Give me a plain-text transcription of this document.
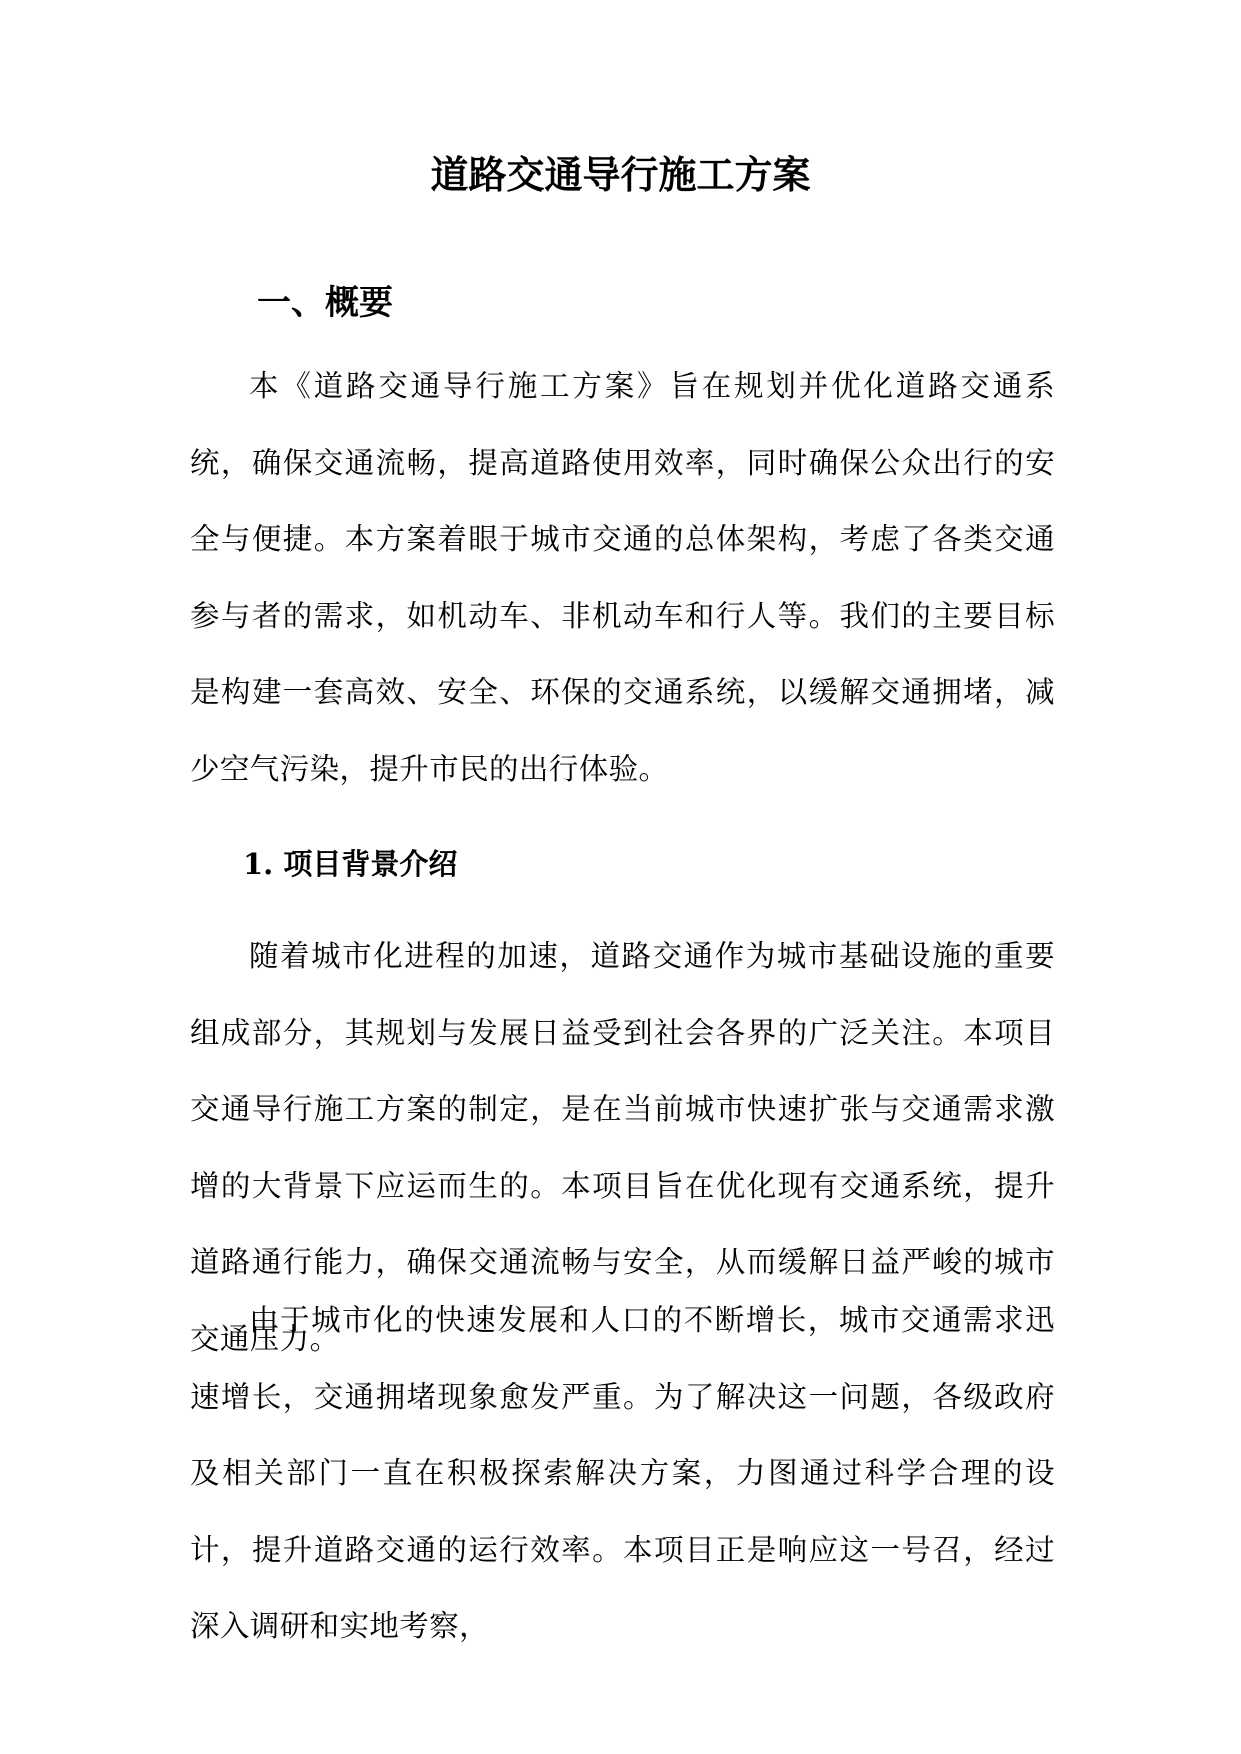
道路交通导行施工方案
一、概要

本《道路交通导行施工方案》旨在规划并优化道路交通系统，确保交通流畅，提高道路使用效率，同时确保公众出行的安全与便捷。本方案着眼于城市交通的总体架构，考虑了各类交通参与者的需求，如机动车、非机动车和行人等。我们的主要目标是构建一套高效、安全、环保的交通系统，以缓解交通拥堵，减少空气污染，提升市民的出行体验。

1. 项目背景介绍

随着城市化进程的加速，道路交通作为城市基础设施的重要组成部分，其规划与发展日益受到社会各界的广泛关注。本项目交通导行施工方案的制定，是在当前城市快速扩张与交通需求激增的大背景下应运而生的。本项目旨在优化现有交通系统，提升道路通行能力，确保交通流畅与安全，从而缓解日益严峻的城市交通压力。

由于城市化的快速发展和人口的不断增长，城市交通需求迅速增长，交通拥堵现象愈发严重。为了解决这一问题，各级政府及相关部门一直在积极探索解决方案，力图通过科学合理的设计，提升道路交通的运行效率。本项目正是响应这一号召，经过深入调研和实地考察，
